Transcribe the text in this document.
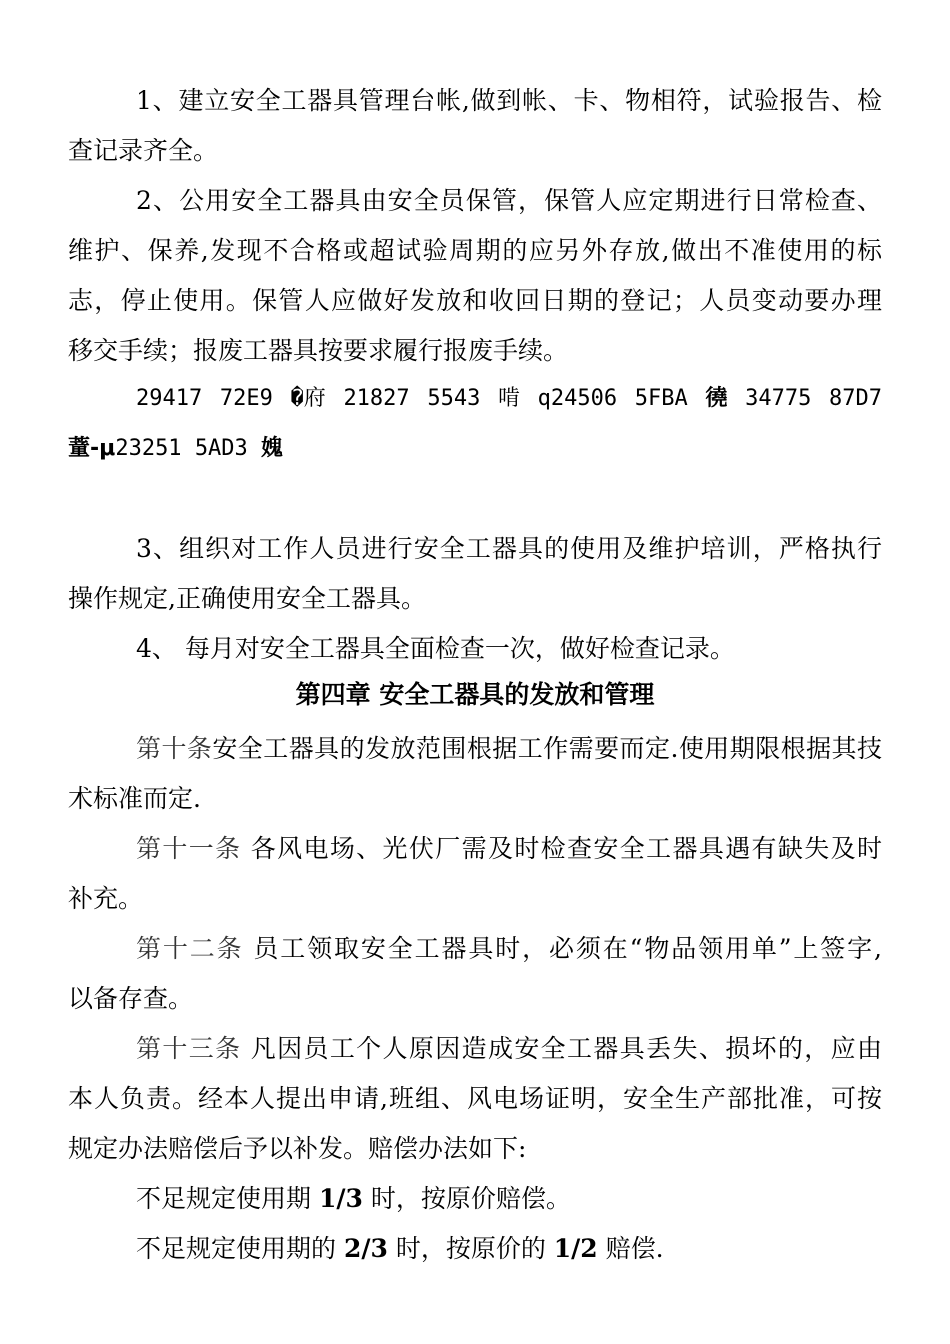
1、建立安全工器具管理台帐,做到帐、卡、物相符，试验报告、检
查记录齐全。
2、公用安全工器具由安全员保管，保管人应定期进行日常检查、
维护、保养,发现不合格或超试验周期的应另外存放,做出不准使用的标
志，停止使用。保管人应做好发放和收回日期的登记；人员变动要办理
移交手续；报废工器具按要求履行报废手续。
29417 72E9 �府 21827 5543 啃 q24506 5FBA 徺 34775 87D7
蕫-μ23251 5AD3 媿
3、组织对工作人员进行安全工器具的使用及维护培训，严格执行
操作规定,正确使用安全工器具。
4、 每月对安全工器具全面检查一次，做好检查记录。
第四章 安全工器具的发放和管理
第十条安全工器具的发放范围根据工作需要而定.使用期限根据其技
术标准而定.
第十一条 各风电场、光伏厂需及时检查安全工器具遇有缺失及时
补充。
第十二条 员工领取安全工器具时，必须在“物品领用单”上签字,
以备存查。
第十三条 凡因员工个人原因造成安全工器具丢失、损坏的，应由
本人负责。经本人提出申请,班组、风电场证明，安全生产部批准，可按
规定办法赔偿后予以补发。赔偿办法如下:
不足规定使用期 1/3 时，按原价赔偿。
不足规定使用期的 2/3 时，按原价的 1/2 赔偿.
